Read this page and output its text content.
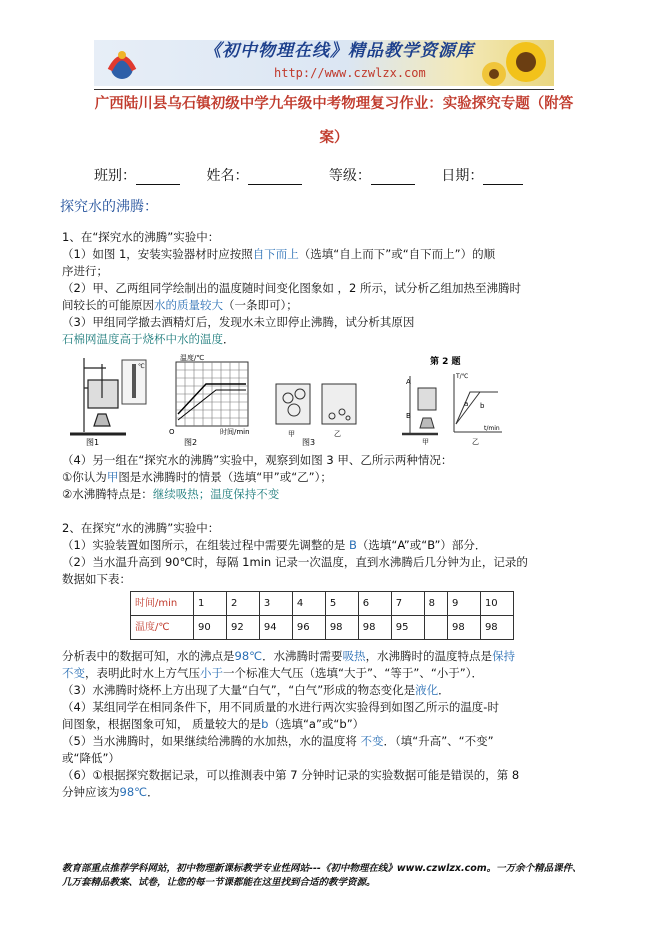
《初中物理在线》精品教学资源库
http://www.czwlzx.com
广西陆川县乌石镇初级中学九年级中考物理复习作业：实验探究专题（附答
案）
班别：	姓名：	等级：	日期：
探究水的沸腾：
1、在“探究水的沸腾”实验中：
（1）如图 1，安装实验器材时应按照自下而上（选填“自上而下”或“自下而上”）的顺
序进行；
（2）甲、乙两组同学绘制出的温度随时间变化图象如 ，2 所示，试分析乙组加热至沸腾时
间较长的可能原因水的质量较大（一条即可）；
（3）甲组同学撤去酒精灯后，发现水未立即停止沸腾，试分析其原因
石棉网温度高于烧杯中水的温度．
℃
图1
温度/℃
时间/min
O
图2
甲	乙
图3
第 2 题
A
B
甲
T/℃
t/min
a b
乙
（4）另一组在“探究水的沸腾”实验中，观察到如图 3 甲、乙所示两种情况：
①你认为甲图是水沸腾时的情景（选填“甲”或“乙”）；
②水沸腾特点是：继续吸热；温度保持不变
2、在探究“水的沸腾”实验中：
（1）实验装置如图所示，在组装过程中需要先调整的是 B（选填“A”或“B”）部分．
（2）当水温升高到 90℃时，每隔 1min 记录一次温度，直到水沸腾后几分钟为止，记录的
数据如下表：
时间/min	1	2	3	4	5	6	7	8	9	10
温度/℃	90	92	94	96	98	98	95		98	98
分析表中的数据可知，水的沸点是98℃．水沸腾时需要吸热，水沸腾时的温度特点是保持
不变，表明此时水上方气压小于一个标准大气压（选填“大于”、“等于”、“小于”）．
（3）水沸腾时烧杯上方出现了大量“白气”，“白气”形成的物态变化是液化．
（4）某组同学在相同条件下，用不同质量的水进行两次实验得到如图乙所示的温度-时
间图象，根据图象可知， 质量较大的是b（选填“a”或“b”）
（5）当水沸腾时，如果继续给沸腾的水加热，水的温度将 不变．（填“升高”、“不变”
或“降低”）
（6）①根据探究数据记录，可以推测表中第 7 分钟时记录的实验数据可能是错误的，第 8
分钟应该为98℃．
教育部重点推荐学科网站，初中物理新课标教学专业性网站---《初中物理在线》www.czwlzx.com。一万余个精品课件、
几万套精品教案、试卷，让您的每一节课都能在这里找到合适的教学资源。
